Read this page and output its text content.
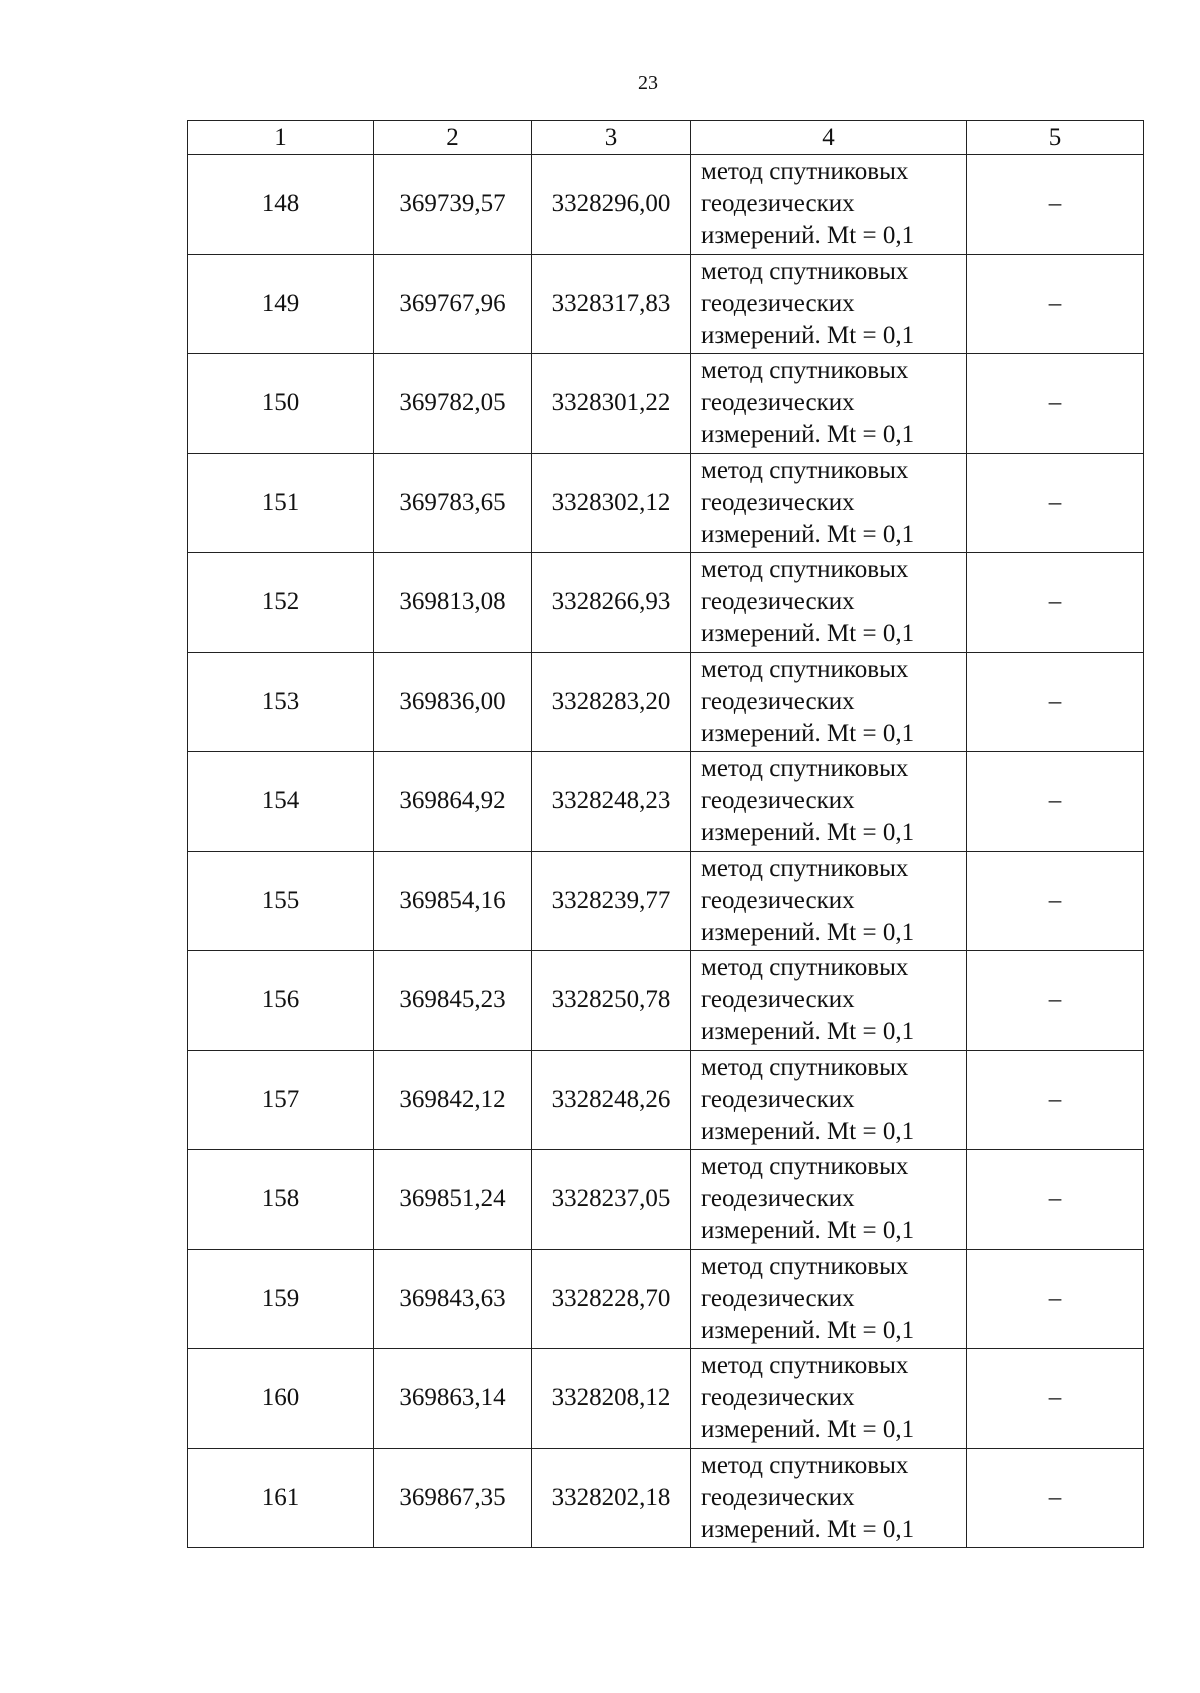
23
1	2	3	4	5
148	369739,57	3328296,00	метод спутниковых
геодезических
измерений. Mt = 0,1	–
149	369767,96	3328317,83	метод спутниковых
геодезических
измерений. Mt = 0,1	–
150	369782,05	3328301,22	метод спутниковых
геодезических
измерений. Mt = 0,1	–
151	369783,65	3328302,12	метод спутниковых
геодезических
измерений. Mt = 0,1	–
152	369813,08	3328266,93	метод спутниковых
геодезических
измерений. Mt = 0,1	–
153	369836,00	3328283,20	метод спутниковых
геодезических
измерений. Mt = 0,1	–
154	369864,92	3328248,23	метод спутниковых
геодезических
измерений. Mt = 0,1	–
155	369854,16	3328239,77	метод спутниковых
геодезических
измерений. Mt = 0,1	–
156	369845,23	3328250,78	метод спутниковых
геодезических
измерений. Mt = 0,1	–
157	369842,12	3328248,26	метод спутниковых
геодезических
измерений. Mt = 0,1	–
158	369851,24	3328237,05	метод спутниковых
геодезических
измерений. Mt = 0,1	–
159	369843,63	3328228,70	метод спутниковых
геодезических
измерений. Mt = 0,1	–
160	369863,14	3328208,12	метод спутниковых
геодезических
измерений. Mt = 0,1	–
161	369867,35	3328202,18	метод спутниковых
геодезических
измерений. Mt = 0,1	–
